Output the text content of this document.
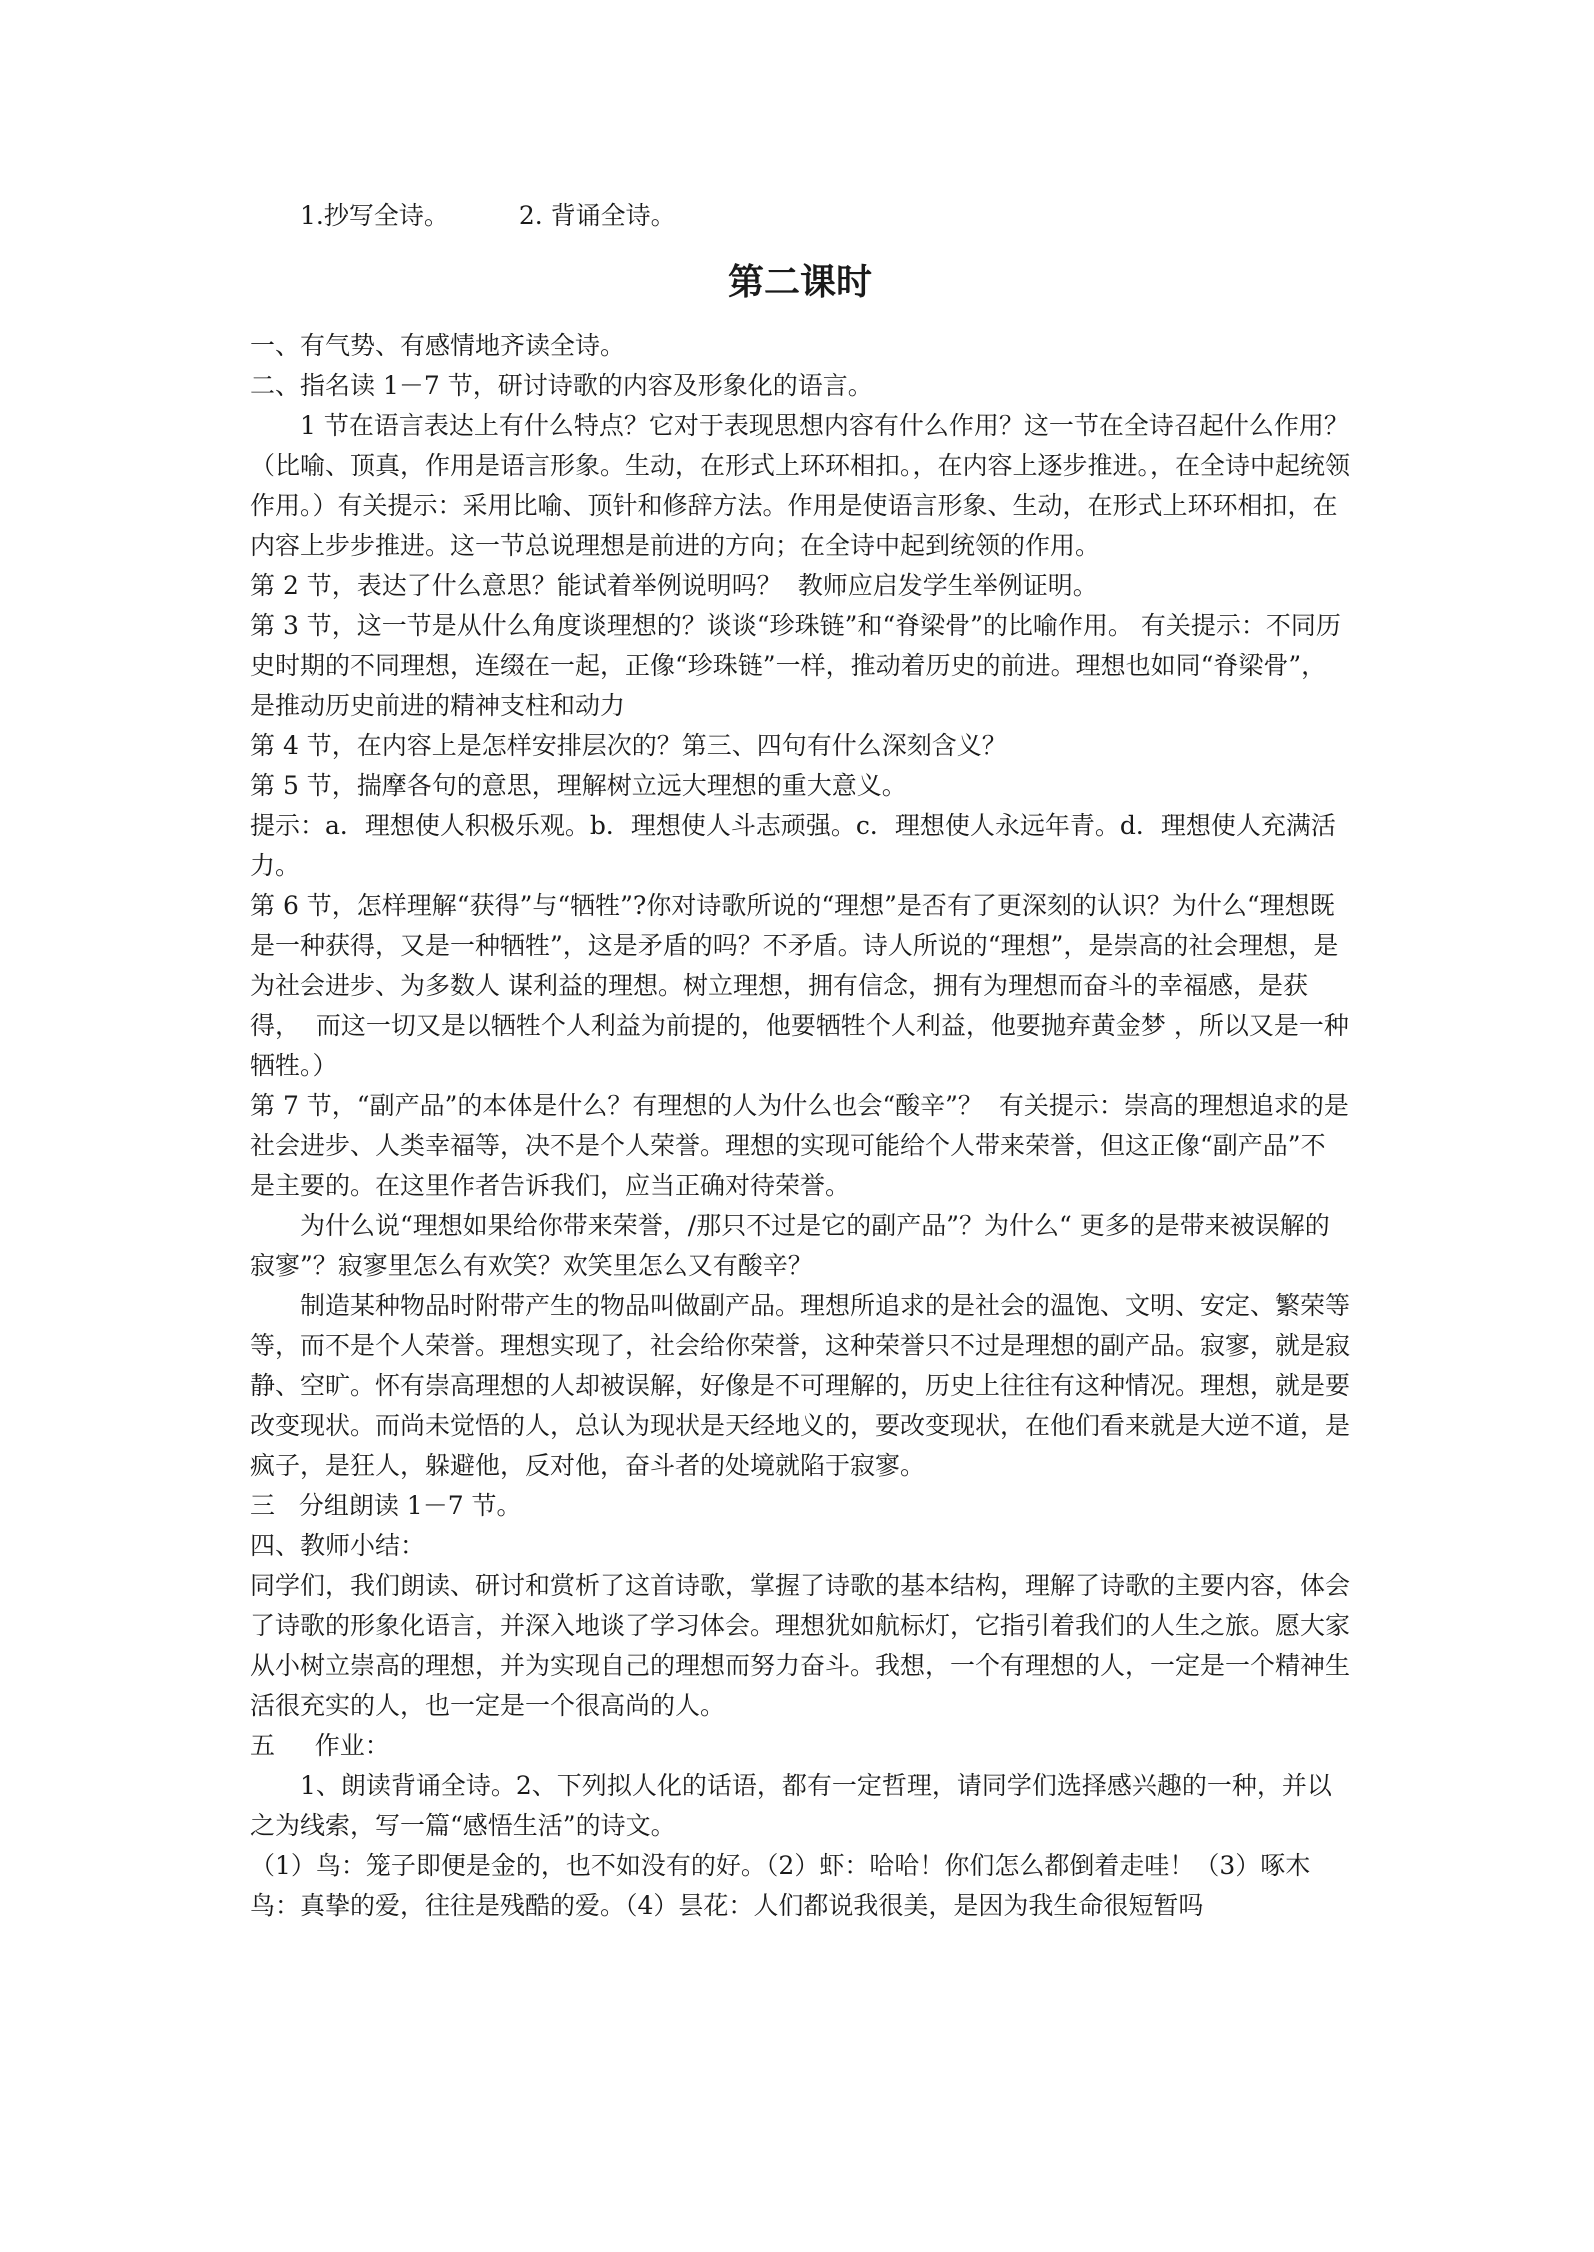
1.抄写全诗。	2. 背诵全诗。

第二课时

一、有气势、有感情地齐读全诗。

二、指名读 1－7 节，研讨诗歌的内容及形象化的语言。

1 节在语言表达上有什么特点？它对于表现思想内容有什么作用？这一节在全诗召起什么作用？（比喻、顶真，作用是语言形象。生动，在形式上环环相扣。，在内容上逐步推进。，在全诗中起统领作用。）有关提示：采用比喻、顶针和修辞方法。作用是使语言形象、生动，在形式上环环相扣，在内容上步步推进。这一节总说理想是前进的方向；在全诗中起到统领的作用。

第 2 节，表达了什么意思？能试着举例说明吗？  教师应启发学生举例证明。

第 3 节，这一节是从什么角度谈理想的？谈谈“珍珠链”和“脊梁骨”的比喻作用。 有关提示：不同历史时期的不同理想，连缀在一起，正像“珍珠链”一样，推动着历史的前进。理想也如同“脊梁骨”，是推动历史前进的精神支柱和动力

第 4 节，在内容上是怎样安排层次的？第三、四句有什么深刻含义？

第 5 节，揣摩各句的意思，理解树立远大理想的重大意义。

提示：a．理想使人积极乐观。b．理想使人斗志顽强。c．理想使人永远年青。d．理想使人充满活力。

第 6 节，怎样理解“获得”与“牺牲”?你对诗歌所说的“理想”是否有了更深刻的认识？为什么“理想既是一种获得，又是一种牺牲”，这是矛盾的吗？不矛盾。诗人所说的“理想”，是崇高的社会理想，是为社会进步、为多数人 谋利益的理想。树立理想，拥有信念，拥有为理想而奋斗的幸福感，是获得，  而这一切又是以牺牲个人利益为前提的，他要牺牲个人利益，他要抛弃黄金梦 ，所以又是一种牺牲。）

第 7 节，“副产品”的本体是什么？有理想的人为什么也会“酸辛”？  有关提示：崇高的理想追求的是社会进步、人类幸福等，决不是个人荣誉。理想的实现可能给个人带来荣誉，但这正像“副产品”不是主要的。在这里作者告诉我们，应当正确对待荣誉。

为什么说“理想如果给你带来荣誉，/那只不过是它的副产品”？为什么“ 更多的是带来被误解的寂寥”？寂寥里怎么有欢笑？欢笑里怎么又有酸辛？

制造某种物品时附带产生的物品叫做副产品。理想所追求的是社会的温饱、文明、安定、繁荣等等，而不是个人荣誉。理想实现了，社会给你荣誉，这种荣誉只不过是理想的副产品。寂寥，就是寂静、空旷。怀有崇高理想的人却被误解，好像是不可理解的，历史上往往有这种情况。理想，就是要改变现状。而尚未觉悟的人，总认为现状是天经地义的，要改变现状，在他们看来就是大逆不道，是疯子，是狂人，躲避他，反对他，奋斗者的处境就陷于寂寥。

三   分组朗读 1－7 节。

四、教师小结：

同学们，我们朗读、研讨和赏析了这首诗歌，掌握了诗歌的基本结构，理解了诗歌的主要内容，体会了诗歌的形象化语言，并深入地谈了学习体会。理想犹如航标灯，它指引着我们的人生之旅。愿大家从小树立崇高的理想，并为实现自己的理想而努力奋斗。我想，一个有理想的人，一定是一个精神生活很充实的人，也一定是一个很高尚的人。

五     作业：

1、朗读背诵全诗。2、下列拟人化的话语，都有一定哲理，请同学们选择感兴趣的一种，并以之为线索，写一篇“感悟生活”的诗文。

（1）鸟：笼子即便是金的，也不如没有的好。（2）虾：哈哈！你们怎么都倒着走哇！（3）啄木鸟：真挚的爱，往往是残酷的爱。（4）昙花：人们都说我很美，是因为我生命很短暂吗
